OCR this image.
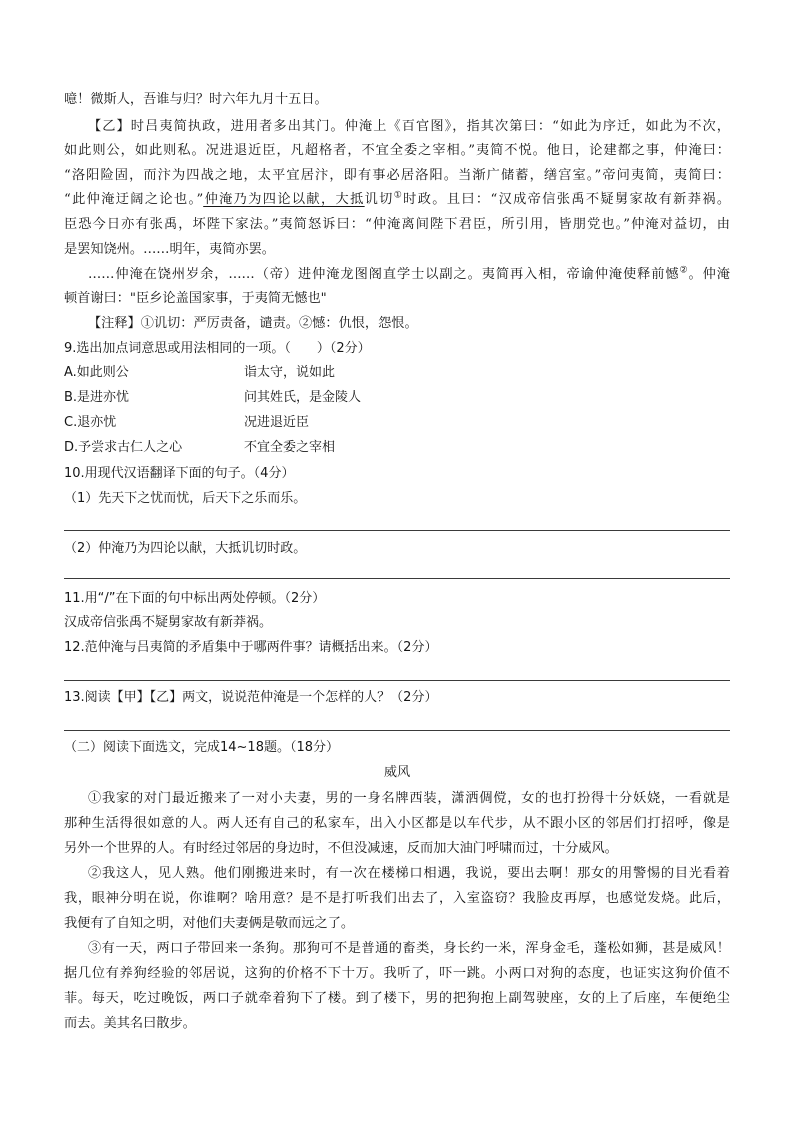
噫！微斯人，吾谁与归？时六年九月十五日。
【乙】时吕夷简执政，进用者多出其门。仲淹上《百官图》，指其次第曰：“如此为序迁，如此为不次，
如此则公，如此则私。况进退近臣，凡超格者，不宜全委之宰相。”夷简不悦。他日，论建都之事，仲淹曰：
“洛阳险固，而汴为四战之地，太平宜居汴，即有事必居洛阳。当渐广储蓄，缮宫室。”帝问夷简，夷简曰：
“此仲淹迂阔之论也。”仲淹乃为四论以献，大抵讥切①时政。且曰：“汉成帝信张禹不疑舅家故有新莽祸。
臣恐今日亦有张禹，坏陛下家法。”夷简怒诉曰：“仲淹离间陛下君臣，所引用，皆朋党也。”仲淹对益切，由
是罢知饶州。……明年，夷简亦罢。
……仲淹在饶州岁余，……（帝）进仲淹龙图阁直学士以副之。夷简再入相，帝谕仲淹使释前憾②。仲淹
顿首谢曰："臣乡论盖国家事，于夷简无憾也"
【注释】①讥切：严厉责备，谴责。②憾：仇恨，怨恨。
9.选出加点词意思或用法相同的一项。（　　）（2分）
A.如此则公	诣太守，说如此
B.是进亦忧	问其姓氏，是金陵人
C.退亦忧	况进退近臣
D.予尝求古仁人之心	不宜全委之宰相
10.用现代汉语翻译下面的句子。（4分）
（1）先天下之忧而忧，后天下之乐而乐。
（2）仲淹乃为四论以献，大抵讥切时政。
11.用“/”在下面的句中标出两处停顿。（2分）
汉成帝信张禹不疑舅家故有新莽祸。
12.范仲淹与吕夷简的矛盾集中于哪两件事？请概括出来。（2分）
13.阅读【甲】【乙】两文，说说范仲淹是一个怎样的人？（2分）
（二）阅读下面选文，完成14~18题。（18分）
威风
①我家的对门最近搬来了一对小夫妻，男的一身名牌西装，潇洒倜傥，女的也打扮得十分妖娆，一看就是
那种生活得很如意的人。两人还有自己的私家车，出入小区都是以车代步，从不跟小区的邻居们打招呼，像是
另外一个世界的人。有时经过邻居的身边时，不但没减速，反而加大油门呼啸而过，十分威风。
②我这人，见人熟。他们刚搬进来时，有一次在楼梯口相遇，我说，要出去啊！那女的用警惕的目光看着
我，眼神分明在说，你谁啊？啥用意？是不是打听我们出去了，入室盗窃？我脸皮再厚，也感觉发烧。此后，
我便有了自知之明，对他们夫妻俩是敬而远之了。
③有一天，两口子带回来一条狗。那狗可不是普通的畜类，身长约一米，浑身金毛，蓬松如狮，甚是威风！
据几位有养狗经验的邻居说，这狗的价格不下十万。我听了，吓一跳。小两口对狗的态度，也证实这狗价值不
菲。每天，吃过晚饭，两口子就牵着狗下了楼。到了楼下，男的把狗抱上副驾驶座，女的上了后座，车便绝尘
而去。美其名曰散步。
